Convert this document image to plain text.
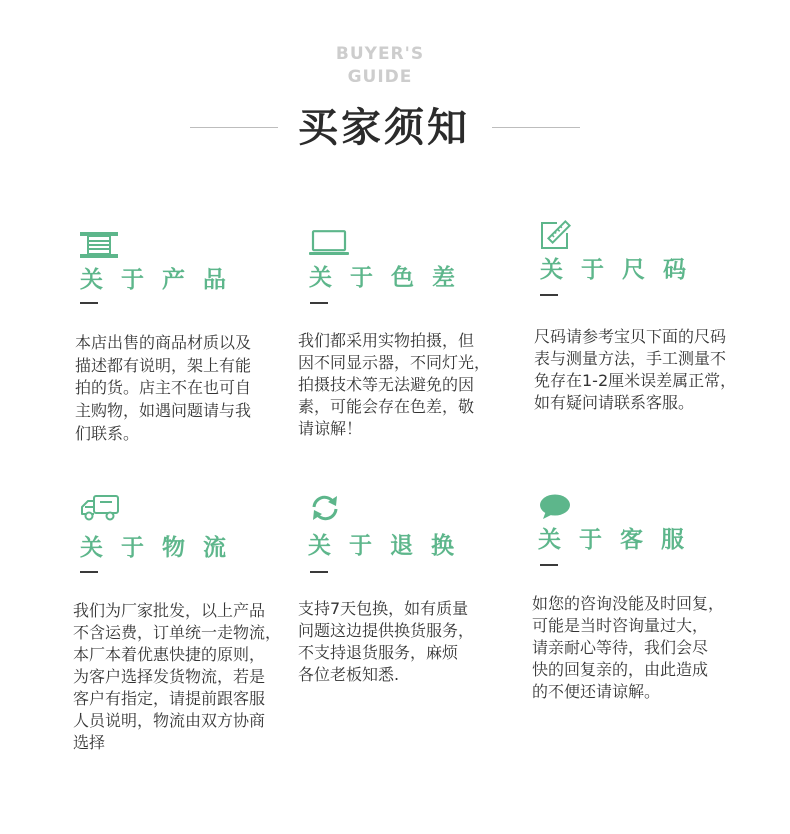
BUYER'S
GUIDE
买家须知
关 于 产 品
本店出售的商品材质以及
描述都有说明，架上有能
拍的货。店主不在也可自
主购物，如遇问题请与我
们联系。
关 于 色 差
我们都采用实物拍摄，但
因不同显示器，不同灯光，
拍摄技术等无法避免的因
素，可能会存在色差，敬
请谅解！
关 于 尺 码
尺码请参考宝贝下面的尺码
表与测量方法，手工测量不
免存在1-2厘米误差属正常，
如有疑问请联系客服。
关 于 物 流
我们为厂家批发，以上产品
不含运费，订单统一走物流，
本厂本着优惠快捷的原则，
为客户选择发货物流，若是
客户有指定，请提前跟客服
人员说明，物流由双方协商
选择
关 于 退 换
支持7天包换，如有质量
问题这边提供换货服务，
不支持退货服务，麻烦
各位老板知悉.
关 于 客 服
如您的咨询没能及时回复，
可能是当时咨询量过大，
请亲耐心等待，我们会尽
快的回复亲的，由此造成
的不便还请谅解。
